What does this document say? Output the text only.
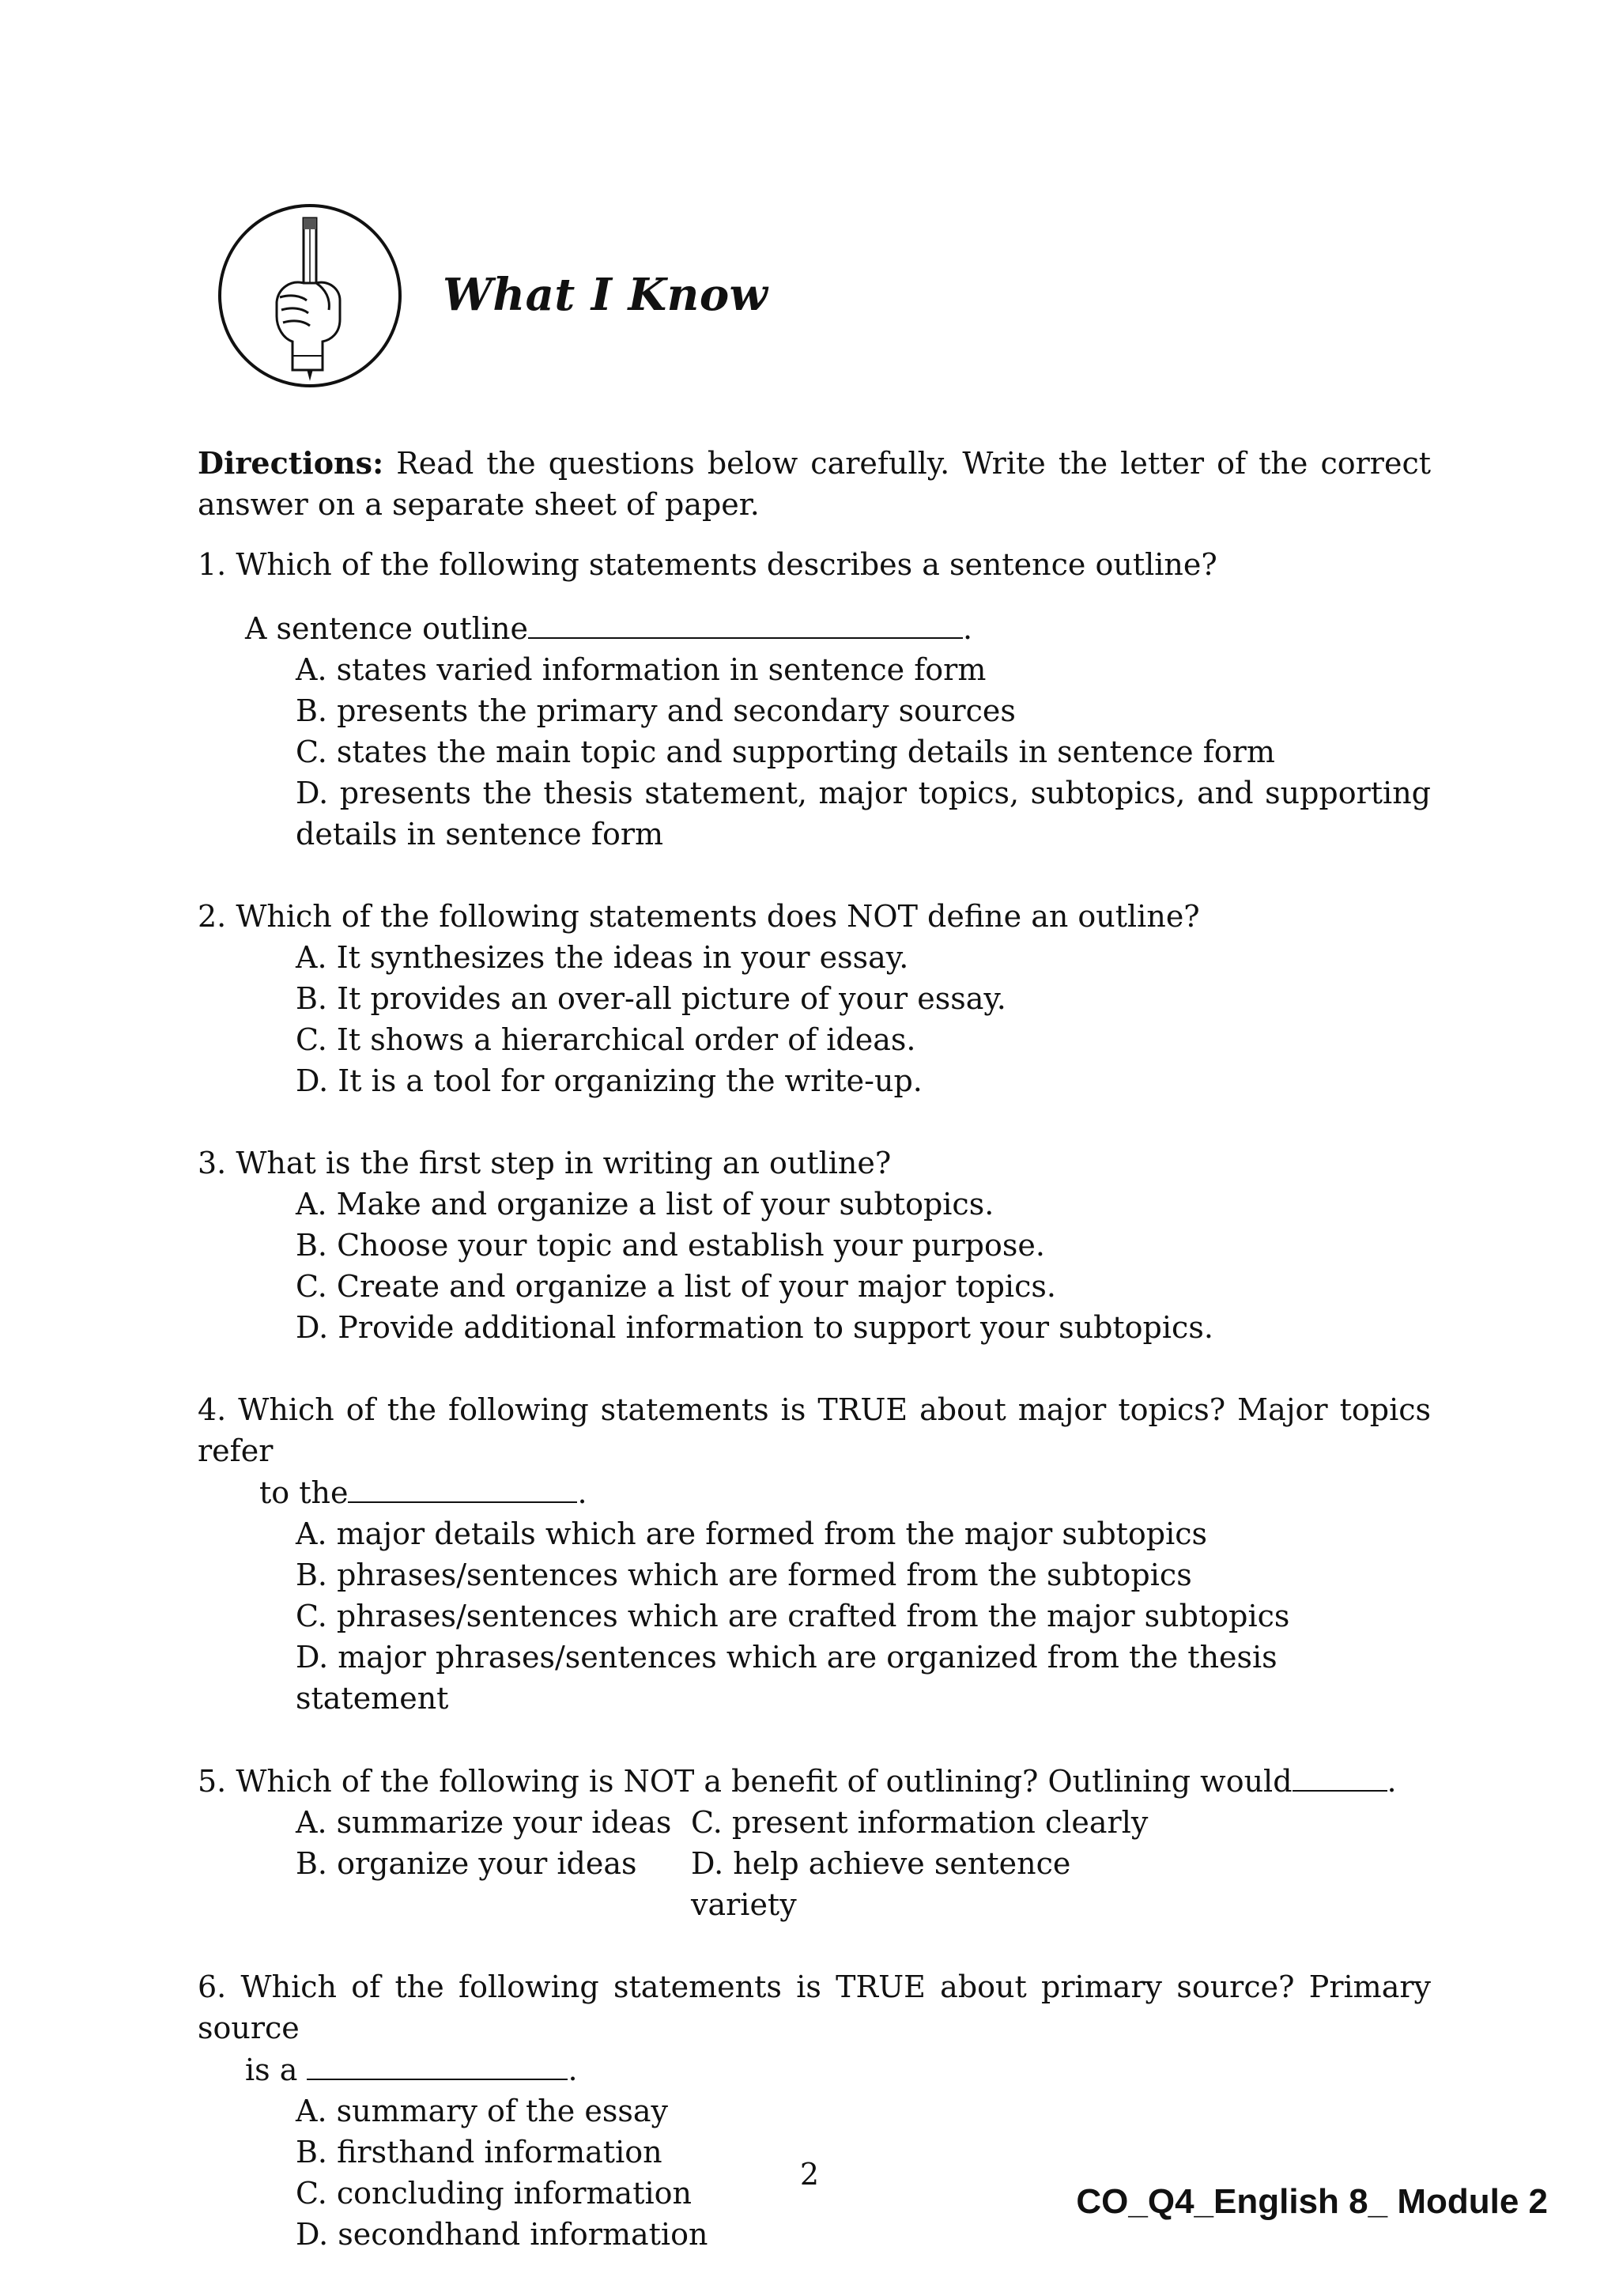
What I Know

Directions: Read the questions below carefully. Write the letter of the correct answer on a separate sheet of paper.

1. Which of the following statements describes a sentence outline?
A sentence outline	.
A. states varied information in sentence form
B. presents the primary and secondary sources
C. states the main topic and supporting details in sentence form
D. presents the thesis statement, major topics, subtopics, and supporting
details in sentence form
2. Which of the following statements does NOT define an outline?
A. It synthesizes the ideas in your essay.
B. It provides an over-all picture of your essay.
C. It shows a hierarchical order of ideas.
D. It is a tool for organizing the write-up.
3. What is the first step in writing an outline?
A. Make and organize a list of your subtopics.
B. Choose your topic and establish your purpose.
C. Create and organize a list of your major topics.
D. Provide additional information to support your subtopics.
4. Which of the following statements is TRUE about major topics? Major topics refer
to the	.
A. major details which are formed from the major subtopics
B. phrases/sentences which are formed from the subtopics
C. phrases/sentences which are crafted from the major subtopics
D. major phrases/sentences which are organized from the thesis statement
5. Which of the following is NOT a benefit of outlining? Outlining would	.
A. summarize your ideas C. present information clearly
B. organize your ideas	D. help achieve sentence variety
6. Which of the following statements is TRUE about primary source? Primary source
is a	.
A. summary of the essay
B. firsthand information
C. concluding information
D. secondhand information
2
CO_Q4_English 8_ Module 2
